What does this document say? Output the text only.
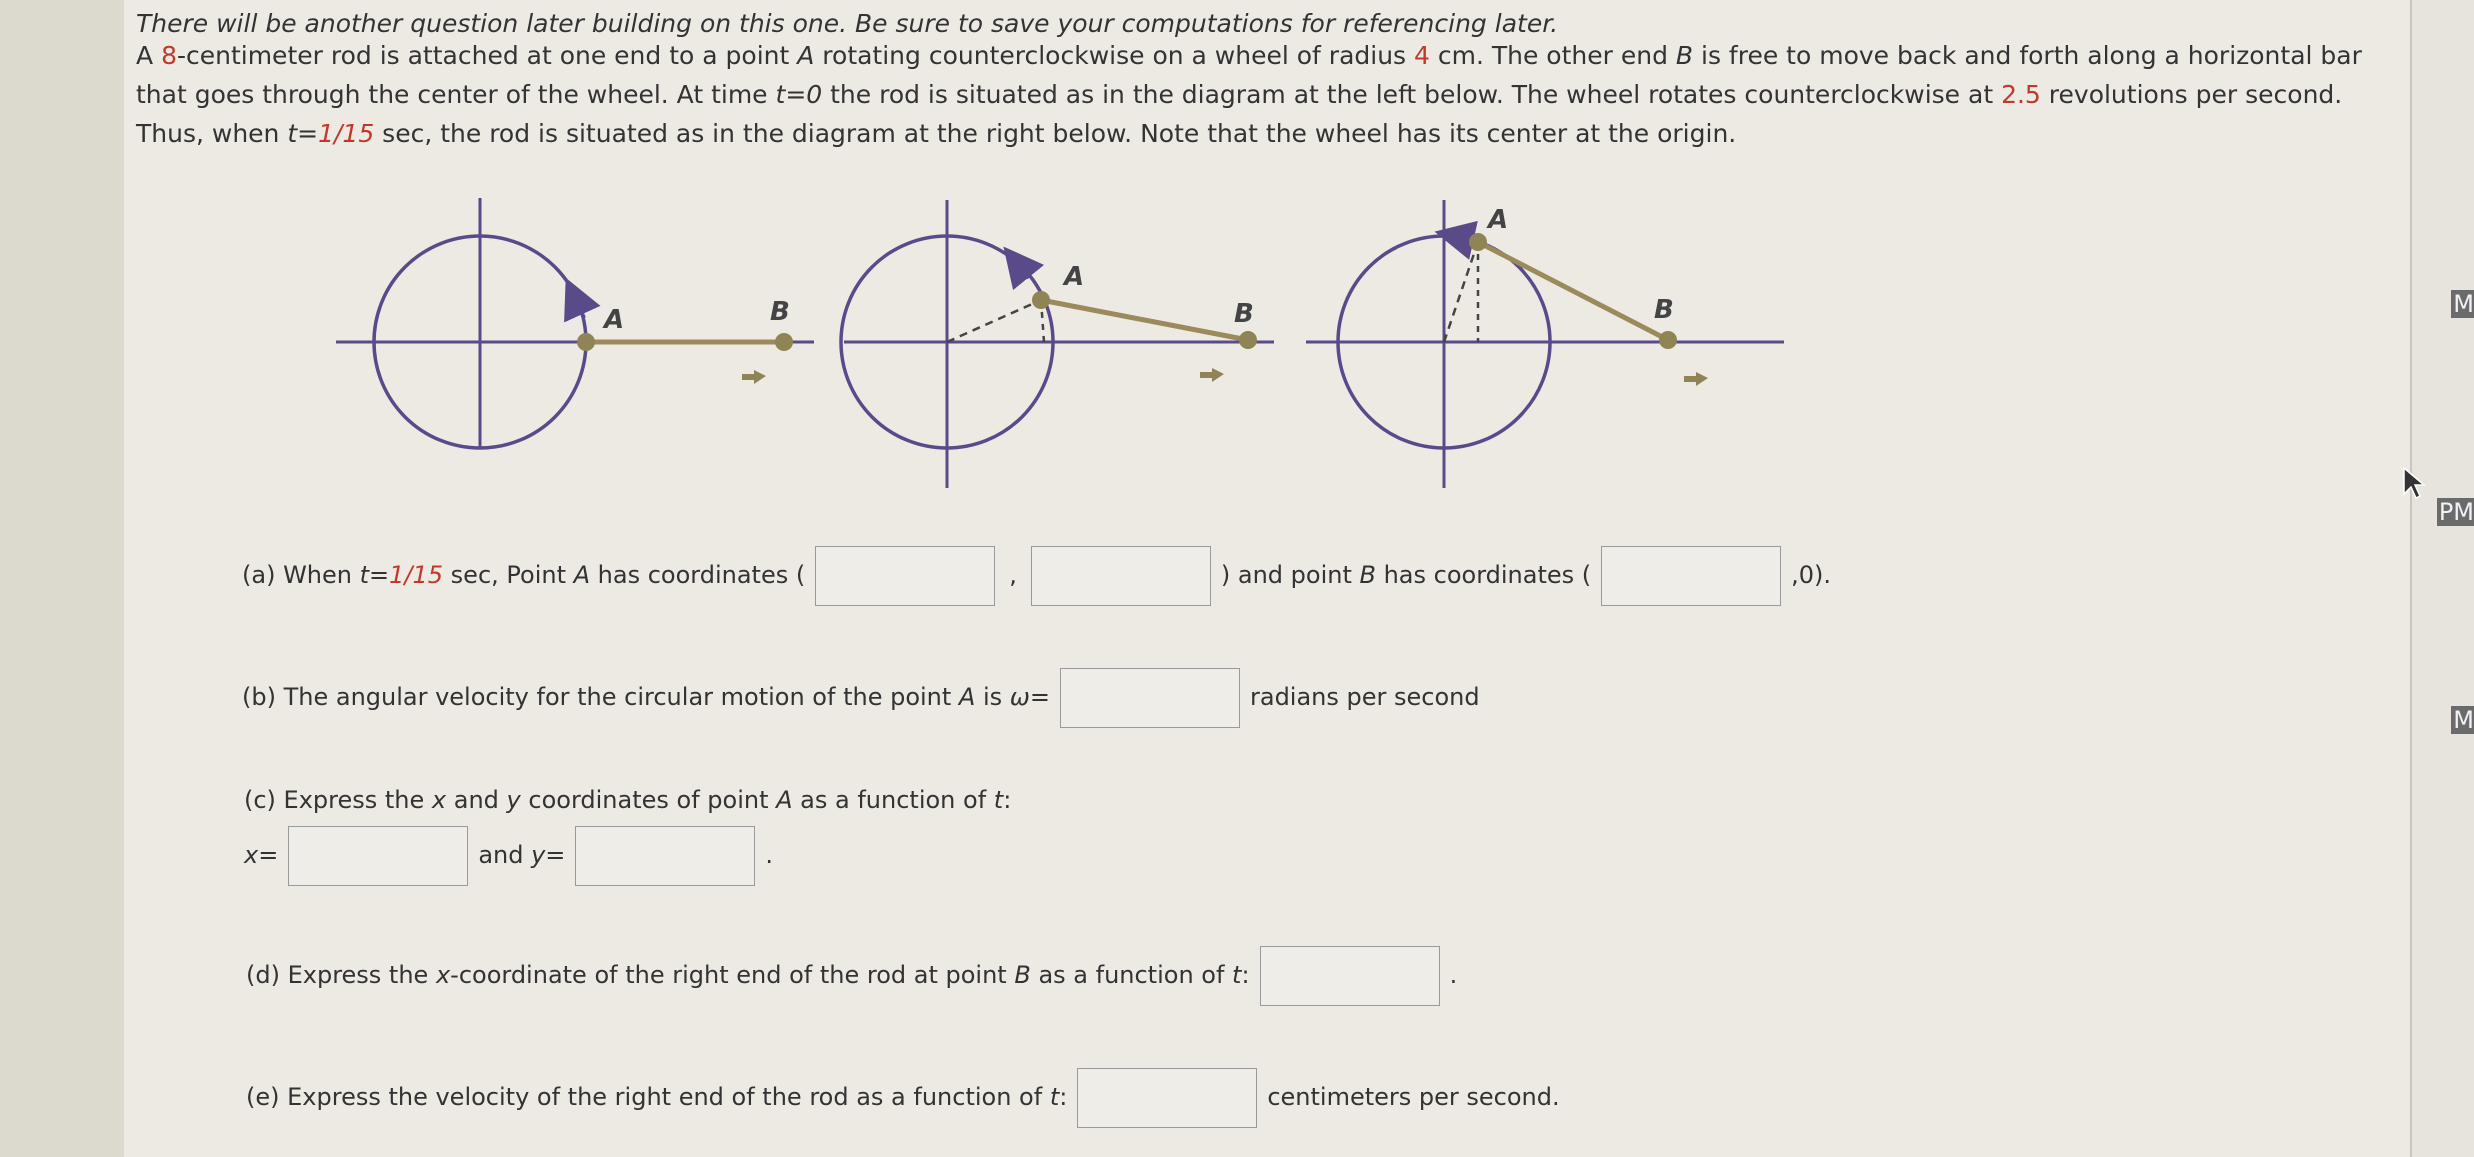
There will be another question later building on this one. Be sure to save your computations for referencing later.

A 8-centimeter rod is attached at one end to a point A rotating counterclockwise on a wheel of radius 4 cm. The other end B is free to move back and forth along a horizontal bar that goes through the center of the wheel. At time t=0 the rod is situated as in the diagram at the left below. The wheel rotates counterclockwise at 2.5 revolutions per second. Thus, when t=1/15 sec, the rod is situated as in the diagram at the right below. Note that the wheel has its center at the origin.

A	B
A
B
A
B
(a) When t=1/15 sec, Point A has coordinates (	,	) and point B has coordinates (	,0).
(b) The angular velocity for the circular motion of the point A is ω=	radians per second
(c) Express the x and y coordinates of point A as a function of t:
x=	and y=	.
(d) Express the x-coordinate of the right end of the rod at point B as a function of t:	.
(e) Express the velocity of the right end of the rod as a function of t:	centimeters per second.
M
PM
M
